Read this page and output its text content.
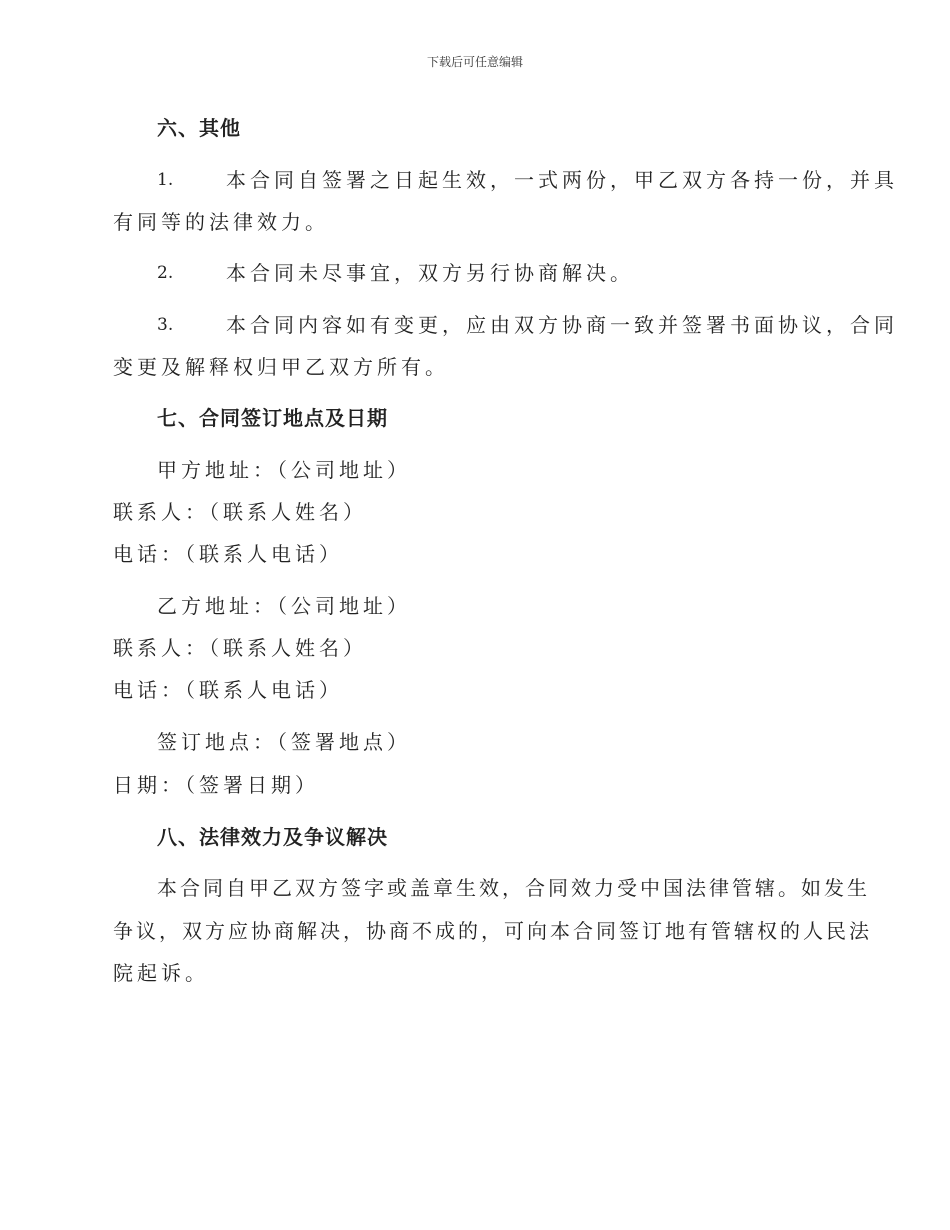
下载后可任意编辑
六、其他
1.	本合同自签署之日起生效，一式两份，甲乙双方各持一份，并具
有同等的法律效力。
2.	本合同未尽事宜，双方另行协商解决。
3.	本合同内容如有变更，应由双方协商一致并签署书面协议，合同
变更及解释权归甲乙双方所有。
七、合同签订地点及日期
甲方地址：（公司地址）
联系人：（联系人姓名）
电话：（联系人电话）
乙方地址：（公司地址）
联系人：（联系人姓名）
电话：（联系人电话）
签订地点：（签署地点）
日期：（签署日期）
八、法律效力及争议解决
本合同自甲乙双方签字或盖章生效，合同效力受中国法律管辖。如发生
争议，双方应协商解决，协商不成的，可向本合同签订地有管辖权的人民法
院起诉。
